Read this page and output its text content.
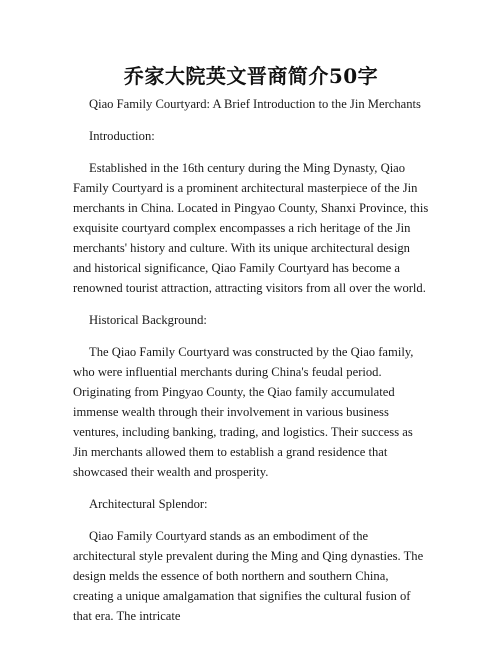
乔家大院英文晋商简介50字

Qiao Family Courtyard: A Brief Introduction to the Jin Merchants

Introduction:

Established in the 16th century during the Ming Dynasty, Qiao Family Courtyard is a prominent architectural masterpiece of the Jin merchants in China. Located in Pingyao County, Shanxi Province, this exquisite courtyard complex encompasses a rich heritage of the Jin merchants' history and culture. With its unique architectural design and historical significance, Qiao Family Courtyard has become a renowned tourist attraction, attracting visitors from all over the world.

Historical Background:

The Qiao Family Courtyard was constructed by the Qiao family, who were influential merchants during China's feudal period. Originating from Pingyao County, the Qiao family accumulated immense wealth through their involvement in various business ventures, including banking, trading, and logistics. Their success as Jin merchants allowed them to establish a grand residence that showcased their wealth and prosperity.

Architectural Splendor:

Qiao Family Courtyard stands as an embodiment of the architectural style prevalent during the Ming and Qing dynasties. The design melds the essence of both northern and southern China, creating a unique amalgamation that signifies the cultural fusion of that era. The intricate
